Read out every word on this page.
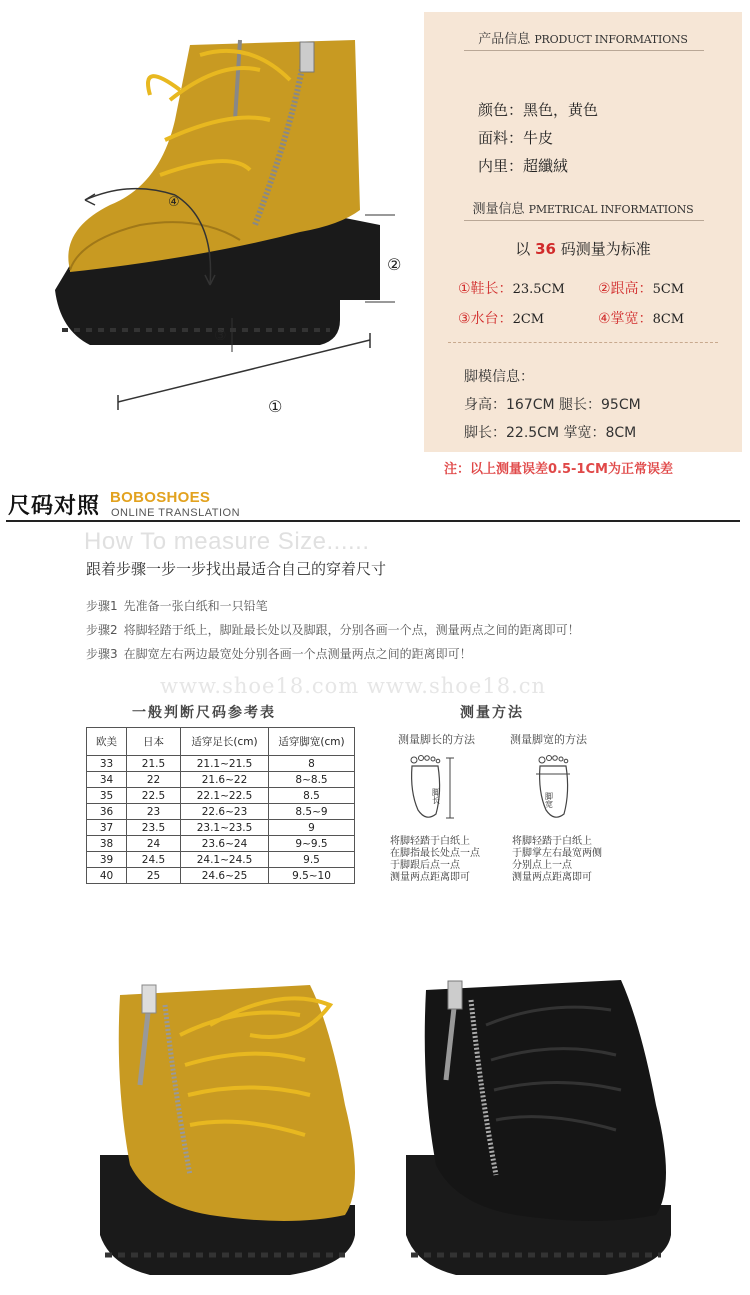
①
②
③
④
产品信息 PRODUCT INFORMATIONS
颜色：黑色，黄色
面料：牛皮
内里：超纖絨
测量信息 PMETRICAL INFORMATIONS
以 36 码测量为标准
①鞋长：23.5CM ②跟高：5CM
③水台：2CM	④掌宽：8CM
脚模信息：
身高：167CM 腿长：95CM
脚长：22.5CM 掌宽：8CM
注：以上测量误差0.5-1CM为正常误差
尺码对照 BOBOSHOES
ONLINE TRANSLATION
How To measure Size......
跟着步骤一步一步找出最适合自己的穿着尺寸
步骤1 先准备一张白纸和一只铅笔
步骤2 将脚轻踏于纸上，脚趾最长处以及脚跟，分别各画一个点，测量两点之间的距离即可！
步骤3 在脚宽左右两边最宽处分别各画一个点测量两点之间的距离即可！
www.shoe18.com www.shoe18.cn
一般判断尺码参考表	测量方法
欧美	日本	适穿足长(cm)	适穿脚宽(cm)
33	21.5	21.1~21.5	8
34	22	21.6~22	8~8.5
35	22.5	22.1~22.5	8.5
36	23	22.6~23	8.5~9
37	23.5	23.1~23.5	9
38	24	23.6~24	9~9.5
39	24.5	24.1~24.5	9.5
40	25	24.6~25	9.5~10
测量脚长的方法	测量脚宽的方法
脚长	脚宽
将脚轻踏于白纸上
在脚指最长处点一点
于脚跟后点一点
测量两点距离即可
将脚轻踏于白纸上
于脚掌左右最宽两侧
分别点上一点
测量两点距离即可
